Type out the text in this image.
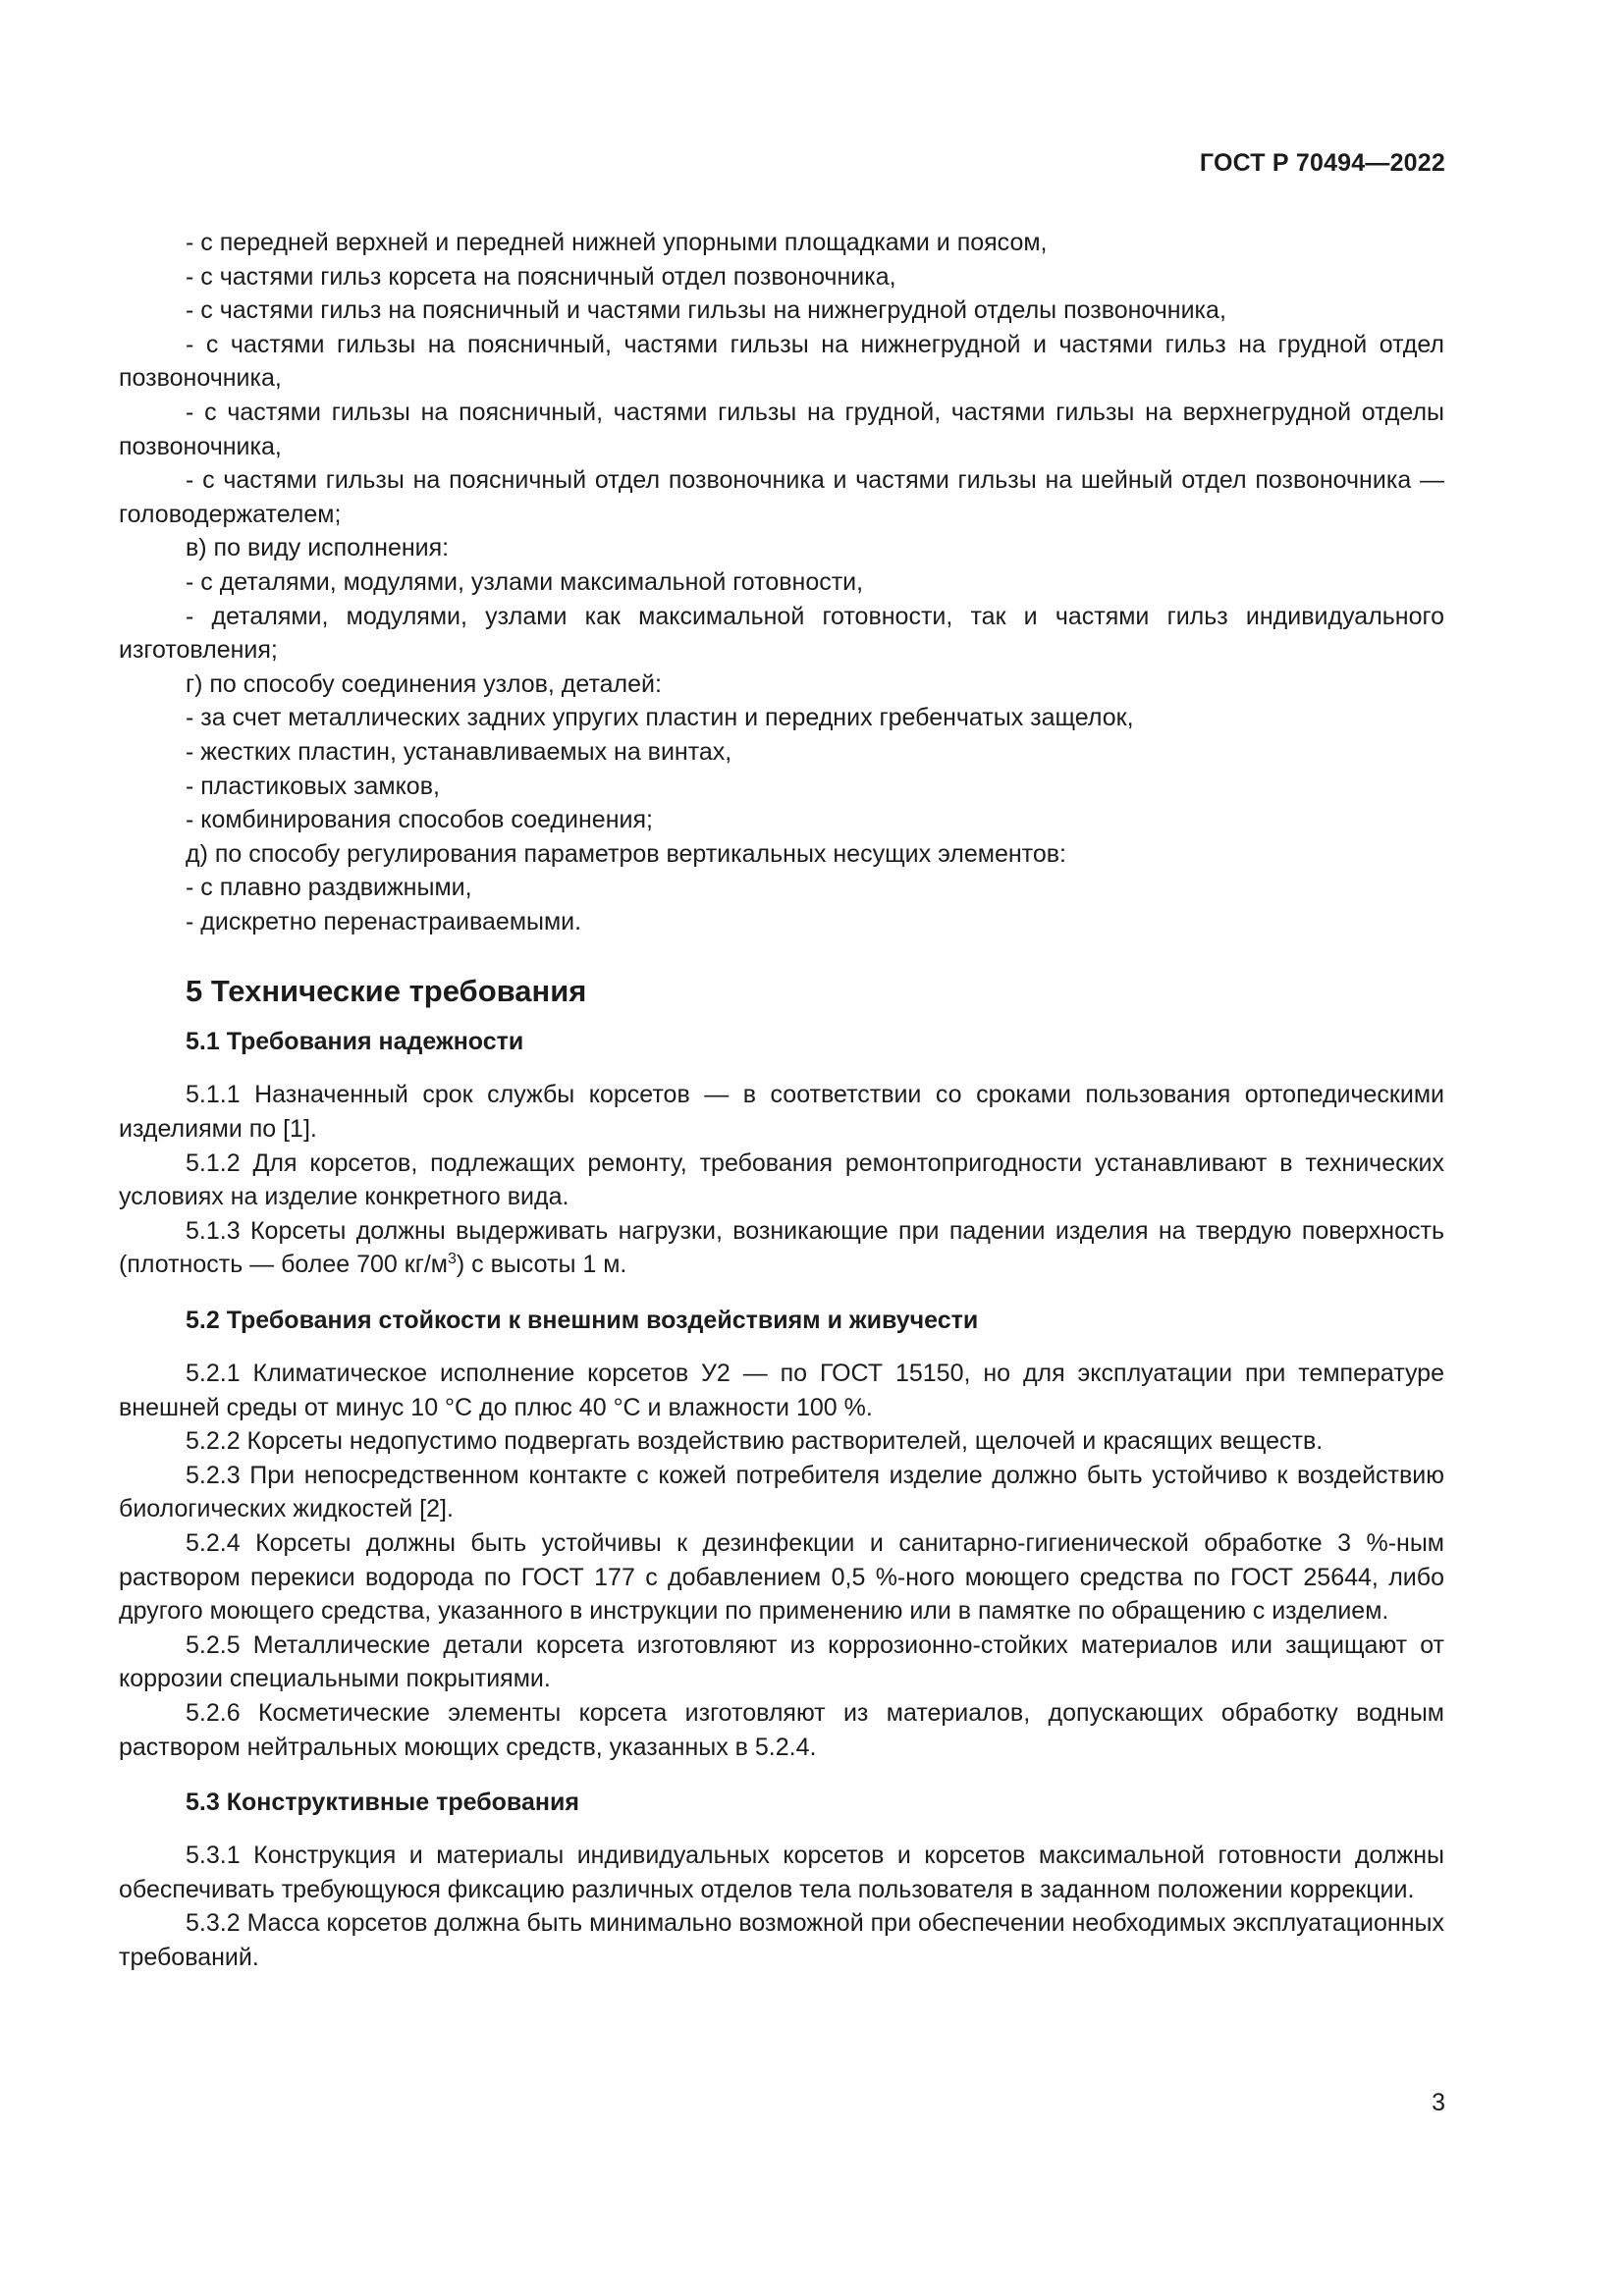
ГОСТ Р 70494—2022

- с передней верхней и передней нижней упорными площадками и поясом,

- с частями гильз корсета на поясничный отдел позвоночника,

- с частями гильз на поясничный и частями гильзы на нижнегрудной отделы позвоночника,

- с частями гильзы на поясничный, частями гильзы на нижнегрудной и частями гильз на грудной отдел позвоночника,

- с частями гильзы на поясничный, частями гильзы на грудной, частями гильзы на верхнегрудной отделы позвоночника,

- с частями гильзы на поясничный отдел позвоночника и частями гильзы на шейный отдел позвоночника — головодержателем;

в) по виду исполнения:

- с деталями, модулями, узлами максимальной готовности,

- деталями, модулями, узлами как максимальной готовности, так и частями гильз индивидуального изготовления;

г) по способу соединения узлов, деталей:

- за счет металлических задних упругих пластин и передних гребенчатых защелок,

- жестких пластин, устанавливаемых на винтах,

- пластиковых замков,

- комбинирования способов соединения;

д) по способу регулирования параметров вертикальных несущих элементов:

- с плавно раздвижными,

- дискретно перенастраиваемыми.

5 Технические требования
5.1 Требования надежности

5.1.1 Назначенный срок службы корсетов — в соответствии со сроками пользования ортопедическими изделиями по [1].

5.1.2 Для корсетов, подлежащих ремонту, требования ремонтопригодности устанавливают в технических условиях на изделие конкретного вида.

5.1.3 Корсеты должны выдерживать нагрузки, возникающие при падении изделия на твердую поверхность (плотность — более 700 $кг/м^3$) с высоты 1 м.

5.2 Требования стойкости к внешним воздействиям и живучести

5.2.1 Климатическое исполнение корсетов У2 — по ГОСТ 15150, но для эксплуатации при температуре внешней среды от минус 10 °С до плюс 40 °С и влажности 100 %.

5.2.2 Корсеты недопустимо подвергать воздействию растворителей, щелочей и красящих веществ.

5.2.3 При непосредственном контакте с кожей потребителя изделие должно быть устойчиво к воздействию биологических жидкостей [2].

5.2.4 Корсеты должны быть устойчивы к дезинфекции и санитарно-гигиенической обработке 3 %-ным раствором перекиси водорода по ГОСТ 177 с добавлением 0,5 %-ного моющего средства по ГОСТ 25644, либо другого моющего средства, указанного в инструкции по применению или в памятке по обращению с изделием.

5.2.5 Металлические детали корсета изготовляют из коррозионно-стойких материалов или защищают от коррозии специальными покрытиями.

5.2.6 Косметические элементы корсета изготовляют из материалов, допускающих обработку водным раствором нейтральных моющих средств, указанных в 5.2.4.

5.3 Конструктивные требования

5.3.1 Конструкция и материалы индивидуальных корсетов и корсетов максимальной готовности должны обеспечивать требующуюся фиксацию различных отделов тела пользователя в заданном положении коррекции.

5.3.2 Масса корсетов должна быть минимально возможной при обеспечении необходимых эксплуатационных требований.

3
